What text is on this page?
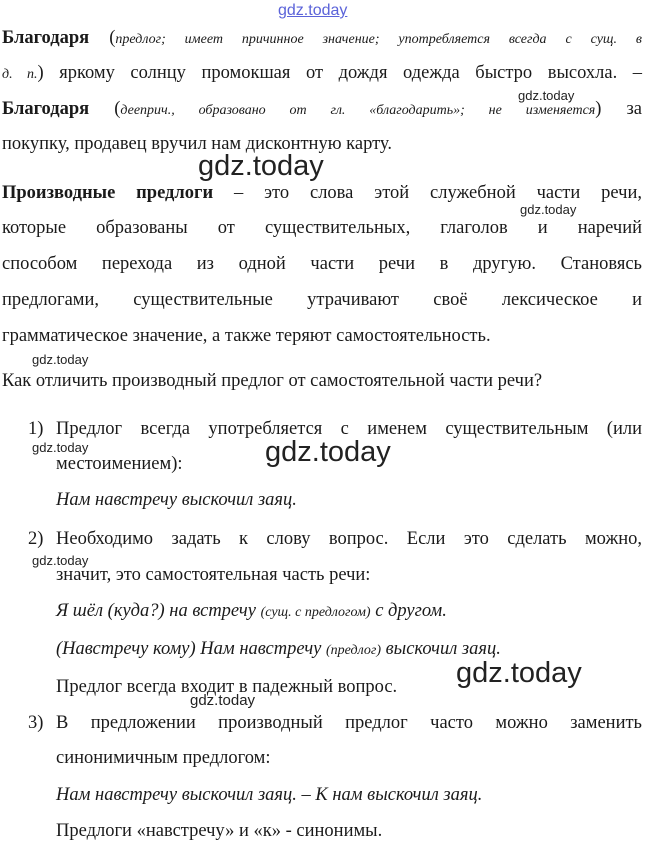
gdz.today
gdz.today
gdz.today
gdz.today
gdz.today
gdz.today	gdz.today
gdz.today
gdz.today
gdz.today
Благодаря (предлог; имеет причинное значение; употребляется всегда с сущ. в
д. п.) яркому солнцу промокшая от дождя одежда быстро высохла. –
Благодаря (дееприч., образовано от гл. «благодарить»; не изменяется) за
покупку, продавец вручил нам дисконтную карту.
Производные предлоги – это слова этой служебной части речи,
которые образованы от существительных, глаголов и наречий
способом перехода из одной части речи в другую. Становясь
предлогами, существительные утрачивают своё лексическое и
грамматическое значение, а также теряют самостоятельность.
Как отличить производный предлог от самостоятельной части речи?
1) Предлог всегда употребляется с именем существительным (или
местоимением):
Нам навстречу выскочил заяц.
2) Необходимо задать к слову вопрос. Если это сделать можно,
значит, это самостоятельная часть речи:
Я шёл (куда?) на встречу (сущ. с предлогом) с другом.
(Навстречу кому) Нам навстречу (предлог) выскочил заяц.
Предлог всегда входит в падежный вопрос.
3) В предложении производный предлог часто можно заменить
синонимичным предлогом:
Нам навстречу выскочил заяц. – К нам выскочил заяц.
Предлоги «навстречу» и «к» - синонимы.
